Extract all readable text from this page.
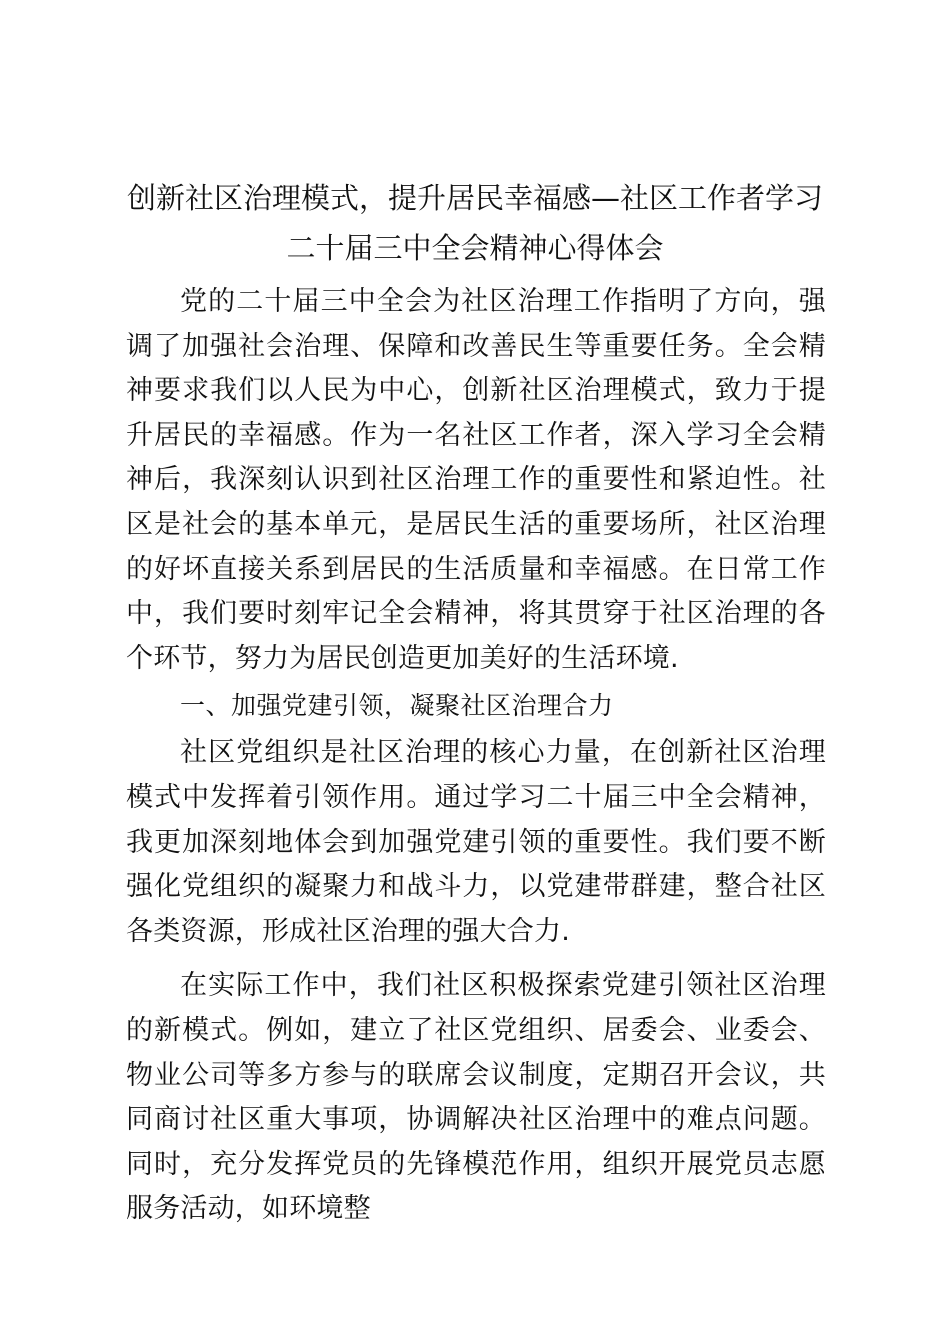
创新社区治理模式，提升居民幸福感—社区工作者学习
二十届三中全会精神心得体会

党的二十届三中全会为社区治理工作指明了方向，强调了加强社会治理、保障和改善民生等重要任务。全会精神要求我们以人民为中心，创新社区治理模式，致力于提升居民的幸福感。作为一名社区工作者，深入学习全会精神后，我深刻认识到社区治理工作的重要性和紧迫性。社区是社会的基本单元，是居民生活的重要场所，社区治理的好坏直接关系到居民的生活质量和幸福感。在日常工作中，我们要时刻牢记全会精神，将其贯穿于社区治理的各个环节，努力为居民创造更加美好的生活环境.

一、加强党建引领，凝聚社区治理合力

社区党组织是社区治理的核心力量，在创新社区治理模式中发挥着引领作用。通过学习二十届三中全会精神，我更加深刻地体会到加强党建引领的重要性。我们要不断强化党组织的凝聚力和战斗力，以党建带群建，整合社区各类资源，形成社区治理的强大合力.

在实际工作中，我们社区积极探索党建引领社区治理的新模式。例如，建立了社区党组织、居委会、业委会、物业公司等多方参与的联席会议制度，定期召开会议，共同商讨社区重大事项，协调解决社区治理中的难点问题。同时，充分发挥党员的先锋模范作用，组织开展党员志愿服务活动，如环境整
